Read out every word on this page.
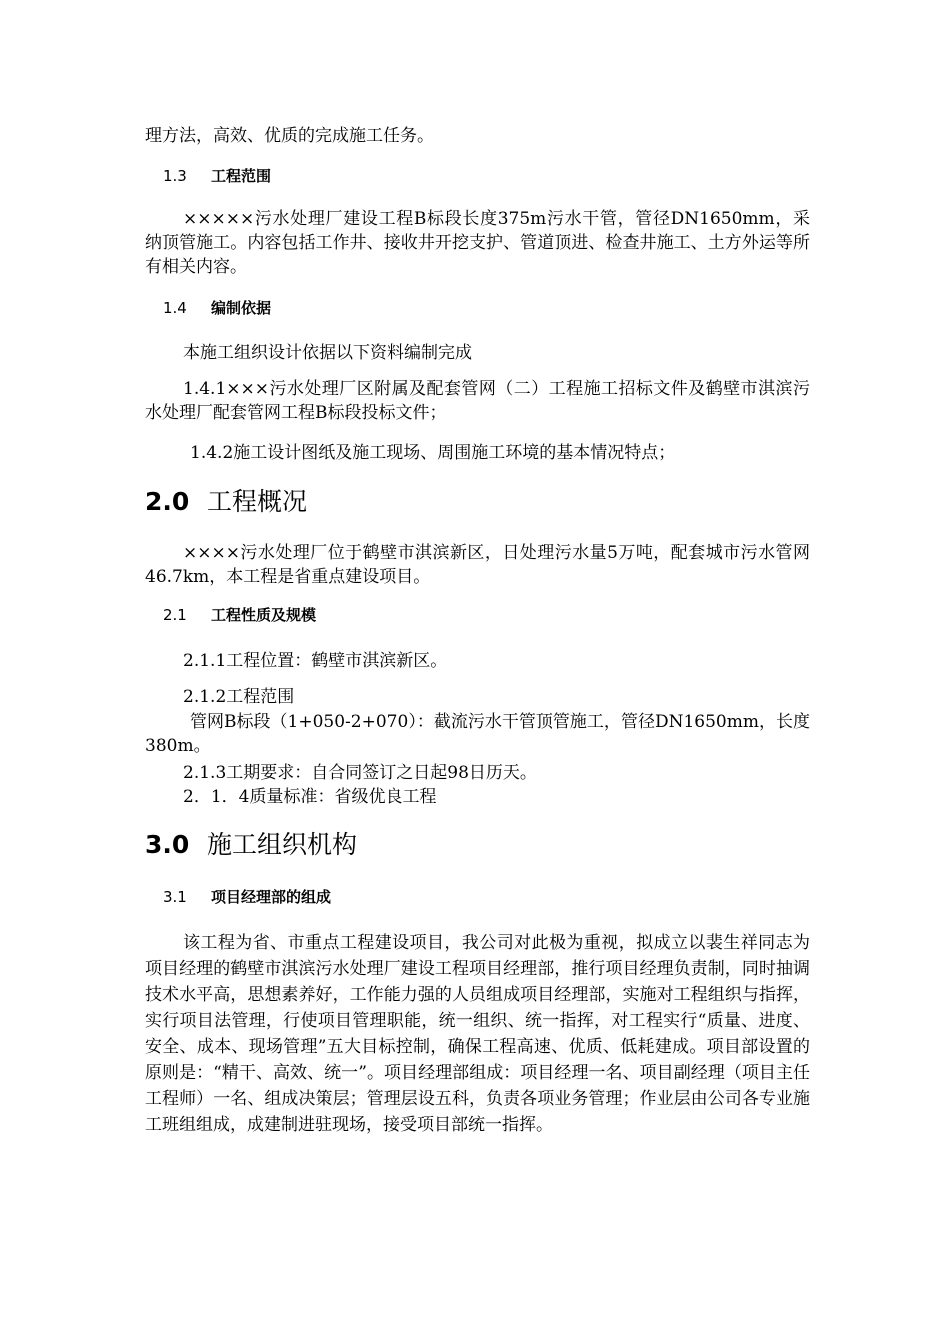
理方法，高效、优质的完成施工任务。

1.3 工程范围

×××××污水处理厂建设工程B标段长度375m污水干管，管径DN1650mm，采纳顶管施工。内容包括工作井、接收井开挖支护、管道顶进、检查井施工、土方外运等所有相关内容。

1.4 编制依据

本施工组织设计依据以下资料编制完成

1.4.1×××污水处理厂区附属及配套管网（二）工程施工招标文件及鹤壁市淇滨污水处理厂配套管网工程B标段投标文件；

1.4.2施工设计图纸及施工现场、周围施工环境的基本情况特点；

2.0 工程概况

××××污水处理厂位于鹤壁市淇滨新区，日处理污水量5万吨，配套城市污水管网46.7km，本工程是省重点建设项目。

2.1 工程性质及规模

2.1.1工程位置：鹤壁市淇滨新区。

2.1.2工程范围

管网B标段（1+050-2+070）：截流污水干管顶管施工，管径DN1650mm，长度380m。

2.1.3工期要求：自合同签订之日起98日历天。

2．1．4质量标准：省级优良工程

3.0 施工组织机构
3.1 项目经理部的组成

该工程为省、市重点工程建设项目，我公司对此极为重视，拟成立以裴生祥同志为项目经理的鹤壁市淇滨污水处理厂建设工程项目经理部，推行项目经理负责制，同时抽调技术水平高，思想素养好，工作能力强的人员组成项目经理部，实施对工程组织与指挥，实行项目法管理，行使项目管理职能，统一组织、统一指挥，对工程实行“质量、进度、安全、成本、现场管理”五大目标控制，确保工程高速、优质、低耗建成。项目部设置的原则是：“精干、高效、统一”。项目经理部组成：项目经理一名、项目副经理（项目主任工程师）一名、组成决策层；管理层设五科，负责各项业务管理；作业层由公司各专业施工班组组成，成建制进驻现场，接受项目部统一指挥。
